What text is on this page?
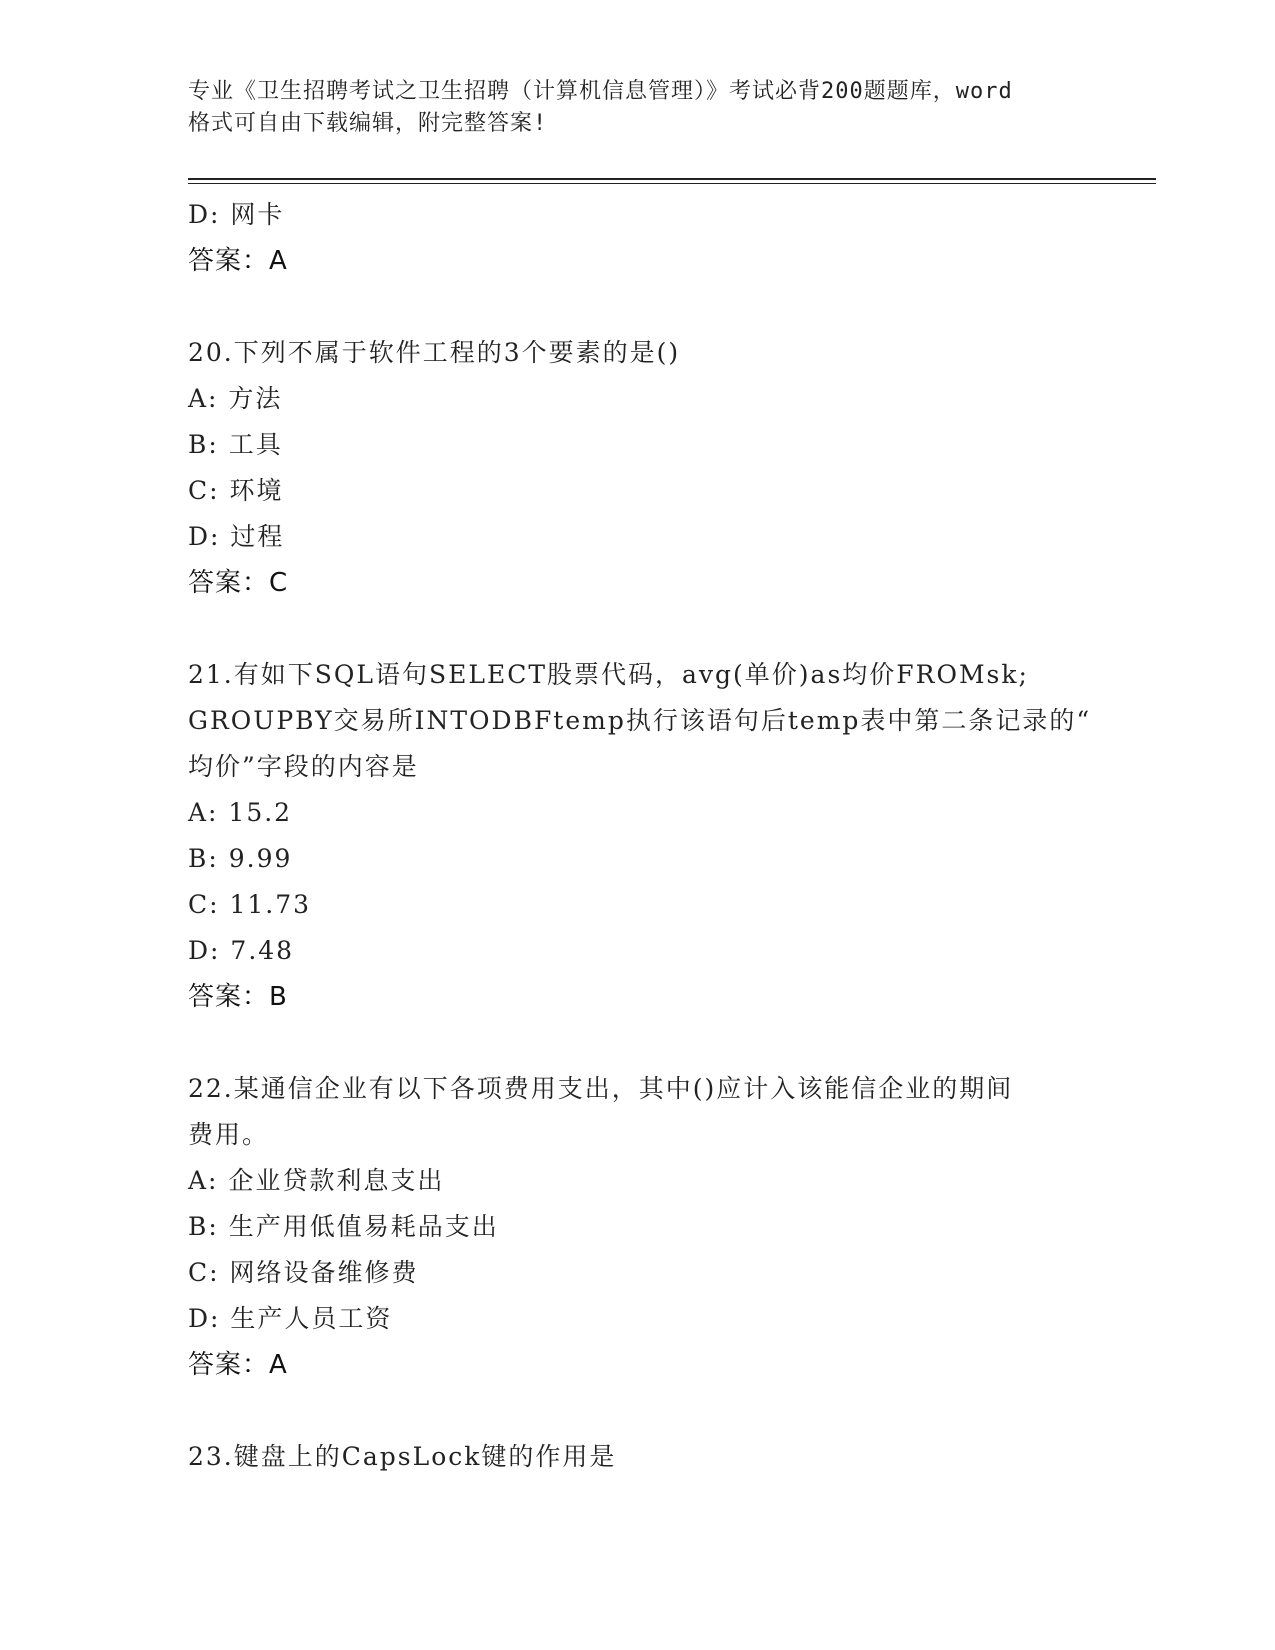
专业《卫生招聘考试之卫生招聘（计算机信息管理）》考试必背200题题库，word
格式可自由下载编辑，附完整答案!
D: 网卡
答案：A
20.下列不属于软件工程的3个要素的是()
A: 方法
B: 工具
C: 环境
D: 过程
答案：C
21.有如下SQL语句SELECT股票代码，avg(单价)as均价FROMsk;
GROUPBY交易所INTODBFtemp执行该语句后temp表中第二条记录的“
均价”字段的内容是
A: 15.2
B: 9.99
C: 11.73
D: 7.48
答案：B
22.某通信企业有以下各项费用支出，其中()应计入该能信企业的期间
费用。
A: 企业贷款利息支出
B: 生产用低值易耗品支出
C: 网络设备维修费
D: 生产人员工资
答案：A
23.键盘上的CapsLock键的作用是
